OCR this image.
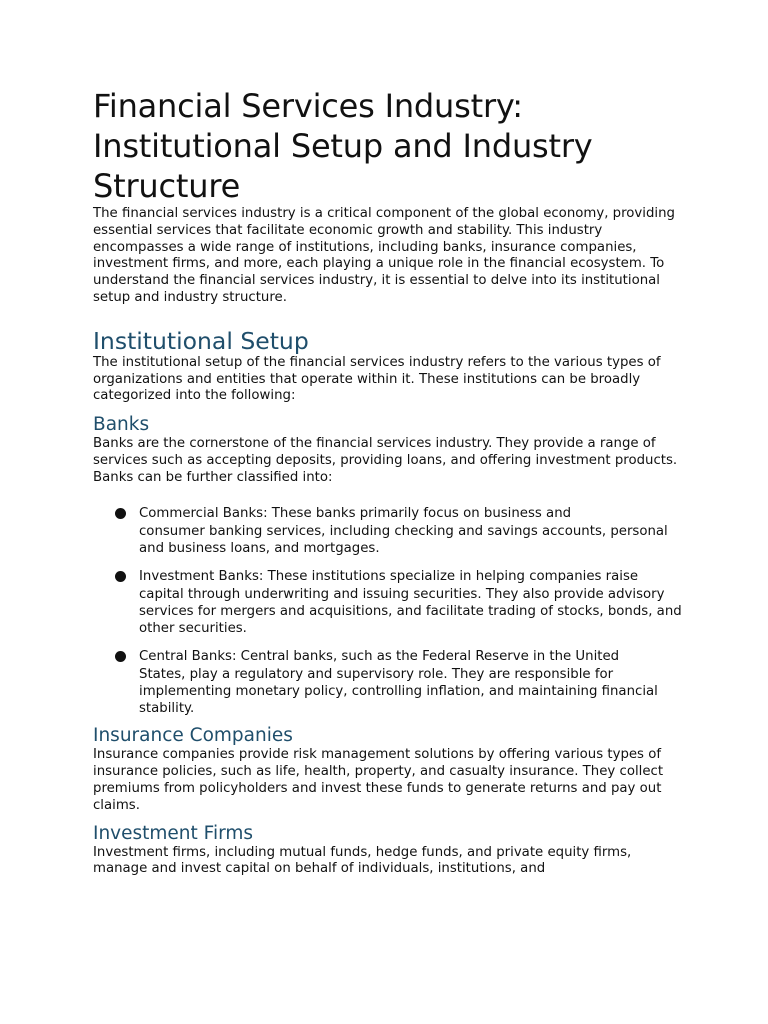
Financial Services Industry: Institutional Setup and Industry Structure

The financial services industry is a critical component of the global economy, providing essential services that facilitate economic growth and stability. This industry encompasses a wide range of institutions, including banks, insurance companies, investment firms, and more, each playing a unique role in the financial ecosystem. To understand the financial services industry, it is essential to delve into its institutional setup and industry structure.

Institutional Setup

The institutional setup of the financial services industry refers to the various types of organizations and entities that operate within it. These institutions can be broadly categorized into the following:

Banks

Banks are the cornerstone of the financial services industry. They provide a range of services such as accepting deposits, providing loans, and offering investment products. Banks can be further classified into:

Commercial Banks: These banks primarily focus on business and
consumer banking services, including checking and savings accounts, personal and business loans, and mortgages.
Investment Banks: These institutions specialize in helping companies raise
capital through underwriting and issuing securities. They also provide advisory services for mergers and acquisitions, and facilitate trading of stocks, bonds, and other securities.
Central Banks: Central banks, such as the Federal Reserve in the United
States, play a regulatory and supervisory role. They are responsible for implementing monetary policy, controlling inflation, and maintaining financial stability.
Insurance Companies

Insurance companies provide risk management solutions by offering various types of insurance policies, such as life, health, property, and casualty insurance. They collect premiums from policyholders and invest these funds to generate returns and pay out claims.

Investment Firms

Investment firms, including mutual funds, hedge funds, and private equity firms, manage and invest capital on behalf of individuals, institutions, and
